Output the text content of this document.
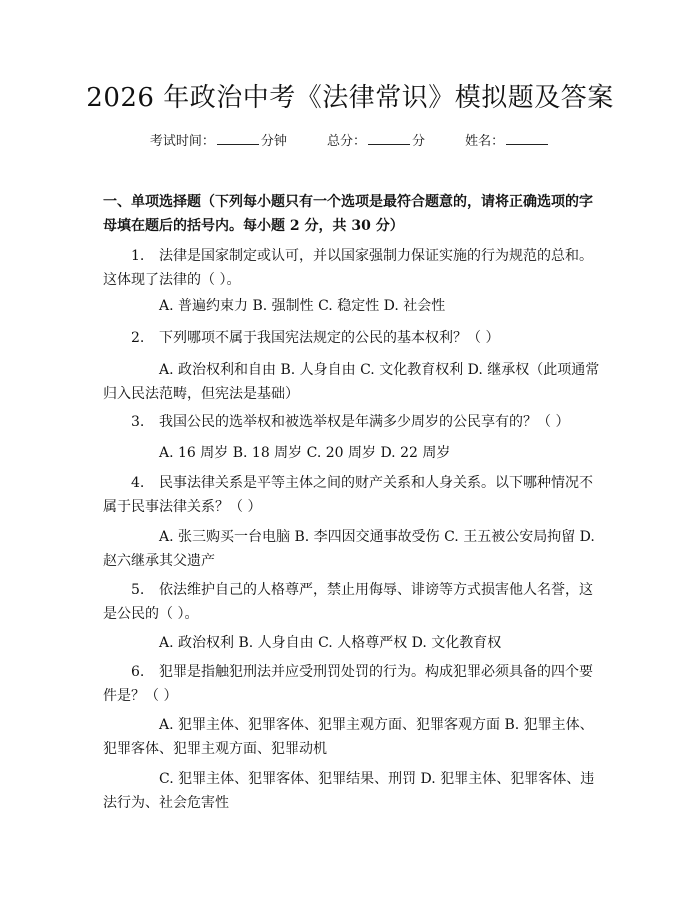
2026 年政治中考《法律常识》模拟题及答案
考试时间：	分钟	总分：	分	姓名：
一、单项选择题（下列每小题只有一个选项是最符合题意的，请将正确选项的字母填在题后的括号内。每小题 2 分，共 30 分）

1. 法律是国家制定或认可，并以国家强制力保证实施的行为规范的总和。这体现了法律的（ ）。

A. 普遍约束力 B. 强制性 C. 稳定性 D. 社会性

2. 下列哪项不属于我国宪法规定的公民的基本权利？（ ）

A. 政治权利和自由 B. 人身自由 C. 文化教育权利 D. 继承权（此项通常归入民法范畴，但宪法是基础）

3. 我国公民的选举权和被选举权是年满多少周岁的公民享有的？（ ）

A. 16 周岁 B. 18 周岁 C. 20 周岁 D. 22 周岁

4. 民事法律关系是平等主体之间的财产关系和人身关系。以下哪种情况不属于民事法律关系？（ ）

A. 张三购买一台电脑 B. 李四因交通事故受伤 C. 王五被公安局拘留 D. 赵六继承其父遗产

5. 依法维护自己的人格尊严，禁止用侮辱、诽谤等方式损害他人名誉，这是公民的（ ）。

A. 政治权利 B. 人身自由 C. 人格尊严权 D. 文化教育权

6. 犯罪是指触犯刑法并应受刑罚处罚的行为。构成犯罪必须具备的四个要件是？（ ）

A. 犯罪主体、犯罪客体、犯罪主观方面、犯罪客观方面 B. 犯罪主体、犯罪客体、犯罪主观方面、犯罪动机

C. 犯罪主体、犯罪客体、犯罪结果、刑罚 D. 犯罪主体、犯罪客体、违法行为、社会危害性
